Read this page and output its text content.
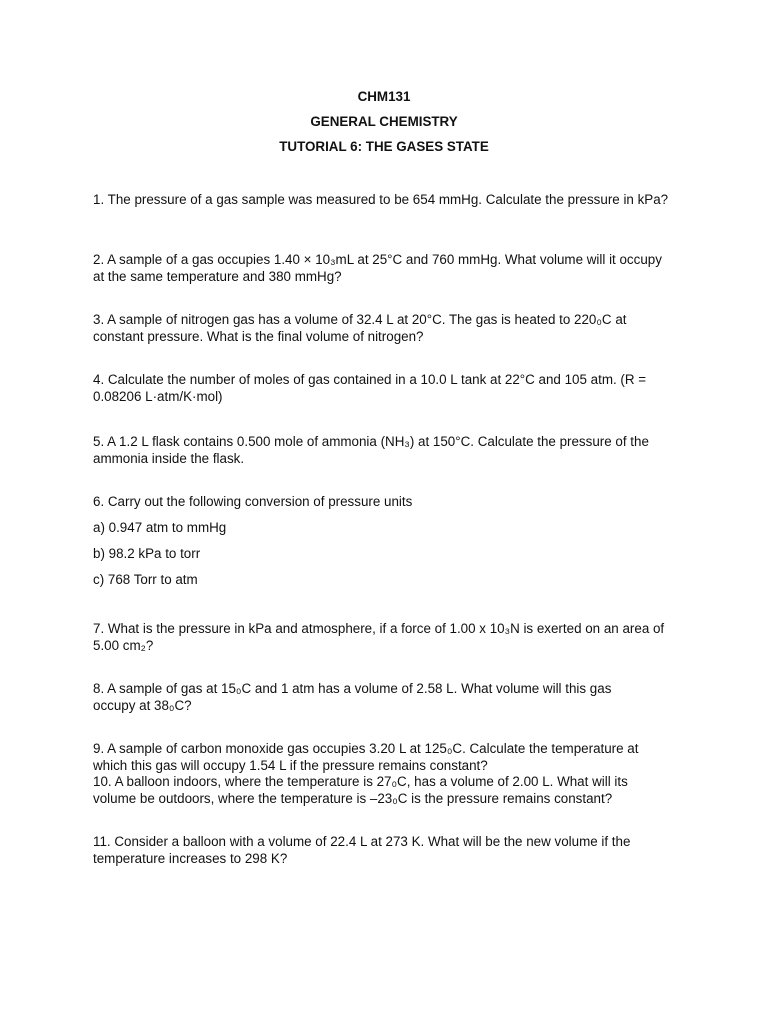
CHM131
GENERAL CHEMISTRY
TUTORIAL 6: THE GASES STATE

1. The pressure of a gas sample was measured to be 654 mmHg. Calculate the pressure in kPa?

2. A sample of a gas occupies 1.40 × 10₃mL at 25°C and 760 mmHg. What volume will it occupy at the same temperature and 380 mmHg?

3. A sample of nitrogen gas has a volume of 32.4 L at 20°C. The gas is heated to 220₀C at constant pressure. What is the final volume of nitrogen?

4. Calculate the number of moles of gas contained in a 10.0 L tank at 22°C and 105 atm. (R = 0.08206 L·atm/K·mol)

5. A 1.2 L flask contains 0.500 mole of ammonia (NH₃) at 150°C. Calculate the pressure of the ammonia inside the flask.

6. Carry out the following conversion of pressure units

a) 0.947 atm to mmHg

b) 98.2 kPa to torr

c) 768 Torr to atm

7. What is the pressure in kPa and atmosphere, if a force of 1.00 x 10₃N is exerted on an area of 5.00 cm₂?

8. A sample of gas at 15₀C and 1 atm has a volume of 2.58 L. What volume will this gas occupy at 38₀C?

9. A sample of carbon monoxide gas occupies 3.20 L at 125₀C. Calculate the temperature at which this gas will occupy 1.54 L if the pressure remains constant?

10. A balloon indoors, where the temperature is 27₀C, has a volume of 2.00 L. What will its volume be outdoors, where the temperature is –23₀C is the pressure remains constant?

11. Consider a balloon with a volume of 22.4 L at 273 K. What will be the new volume if the temperature increases to 298 K?
